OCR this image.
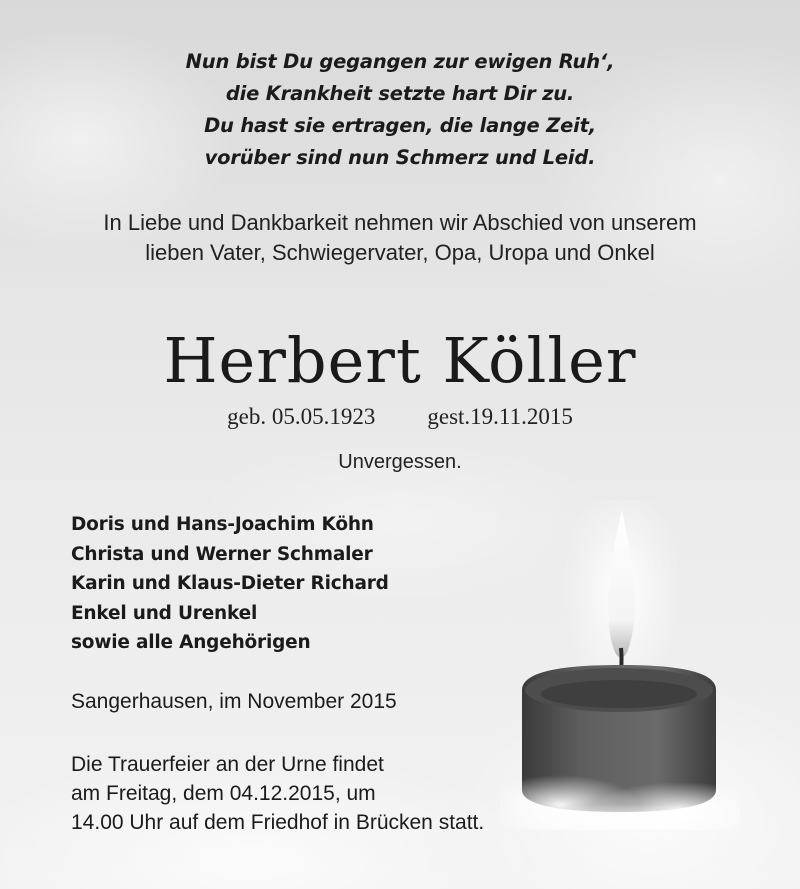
Nun bist Du gegangen zur ewigen Ruh‘,
die Krankheit setzte hart Dir zu.
Du hast sie ertragen, die lange Zeit,
vorüber sind nun Schmerz und Leid.
In Liebe und Dankbarkeit nehmen wir Abschied von unserem lieben Vater, Schwiegervater, Opa, Uropa und Onkel
Herbert Köller
geb. 05.05.1923 gest.19.11.2015
Unvergessen.
Doris und Hans-Joachim Köhn
Christa und Werner Schmaler
Karin und Klaus-Dieter Richard
Enkel und Urenkel
sowie alle Angehörigen
Sangerhausen, im November 2015
Die Trauerfeier an der Urne findet
am Freitag, dem 04.12.2015, um
14.00 Uhr auf dem Friedhof in Brücken statt.
